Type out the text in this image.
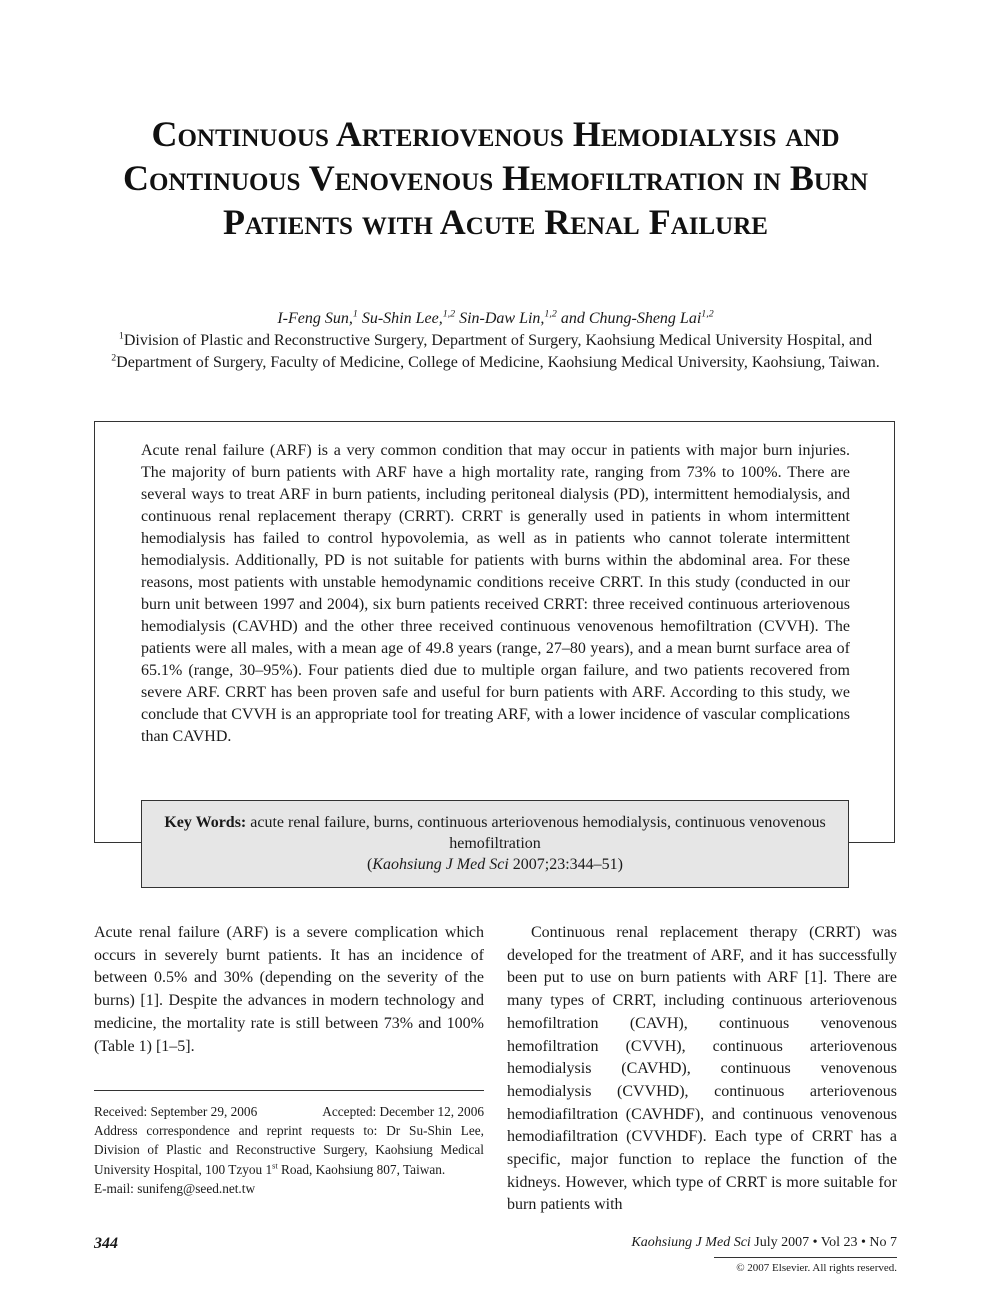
Continuous Arteriovenous Hemodialysis and Continuous Venovenous Hemofiltration in Burn Patients with Acute Renal Failure
I-Feng Sun,$^1$ Su-Shin Lee,$^{1,2}$ Sin-Daw Lin,$^{1,2}$ and Chung-Sheng Lai$^{1,2}$
$^1$Division of Plastic and Reconstructive Surgery, Department of Surgery, Kaohsiung Medical University Hospital, and $^2$Department of Surgery, Faculty of Medicine, College of Medicine, Kaohsiung Medical University, Kaohsiung, Taiwan.

Acute renal failure (ARF) is a very common condition that may occur in patients with major burn injuries. The majority of burn patients with ARF have a high mortality rate, ranging from 73% to 100%. There are several ways to treat ARF in burn patients, including peritoneal dialysis (PD), intermittent hemodialysis, and continuous renal replacement therapy (CRRT). CRRT is generally used in patients in whom intermittent hemodialysis has failed to control hypovolemia, as well as in patients who cannot tolerate intermittent hemodialysis. Additionally, PD is not suitable for patients with burns within the abdominal area. For these reasons, most patients with unstable hemodynamic conditions receive CRRT. In this study (conducted in our burn unit between 1997 and 2004), six burn patients received CRRT: three received continuous arteriovenous hemodialysis (CAVHD) and the other three received continuous venovenous hemofiltration (CVVH). The patients were all males, with a mean age of 49.8 years (range, 27–80 years), and a mean burnt surface area of 65.1% (range, 30–95%). Four patients died due to multiple organ failure, and two patients recovered from severe ARF. CRRT has been proven safe and useful for burn patients with ARF. According to this study, we conclude that CVVH is an appropriate tool for treating ARF, with a lower incidence of vascular complications than CAVHD.

Key Words: acute renal failure, burns, continuous arteriovenous hemodialysis, continuous venovenous hemofiltration
(Kaohsiung J Med Sci 2007;23:344–51)

Acute renal failure (ARF) is a severe complication which occurs in severely burnt patients. It has an incidence of between 0.5% and 30% (depending on the severity of the burns) [1]. Despite the advances in modern technology and medicine, the mortality rate is still between 73% and 100% (Table 1) [1–5].

Continuous renal replacement therapy (CRRT) was developed for the treatment of ARF, and it has successfully been put to use on burn patients with ARF [1]. There are many types of CRRT, including continuous arteriovenous hemofiltration (CAVH), continuous venovenous hemofiltration (CVVH), continuous arteriovenous hemodialysis (CAVHD), continuous venovenous hemodialysis (CVVHD), continuous arteriovenous hemodiafiltration (CAVHDF), and continuous venovenous hemodiafiltration (CVVHDF). Each type of CRRT has a specific, major function to replace the function of the kidneys. However, which type of CRRT is more suitable for burn patients with

Received: September 29, 2006	Accepted: December 12, 2006
Address correspondence and reprint requests to: Dr Su-Shin Lee, Division of Plastic and Reconstructive Surgery, Kaohsiung Medical University Hospital, 100 Tzyou 1st Road, Kaohsiung 807, Taiwan.
E-mail: sunifeng@seed.net.tw
344	Kaohsiung J Med Sci July 2007 • Vol 23 • No 7
© 2007 Elsevier. All rights reserved.
